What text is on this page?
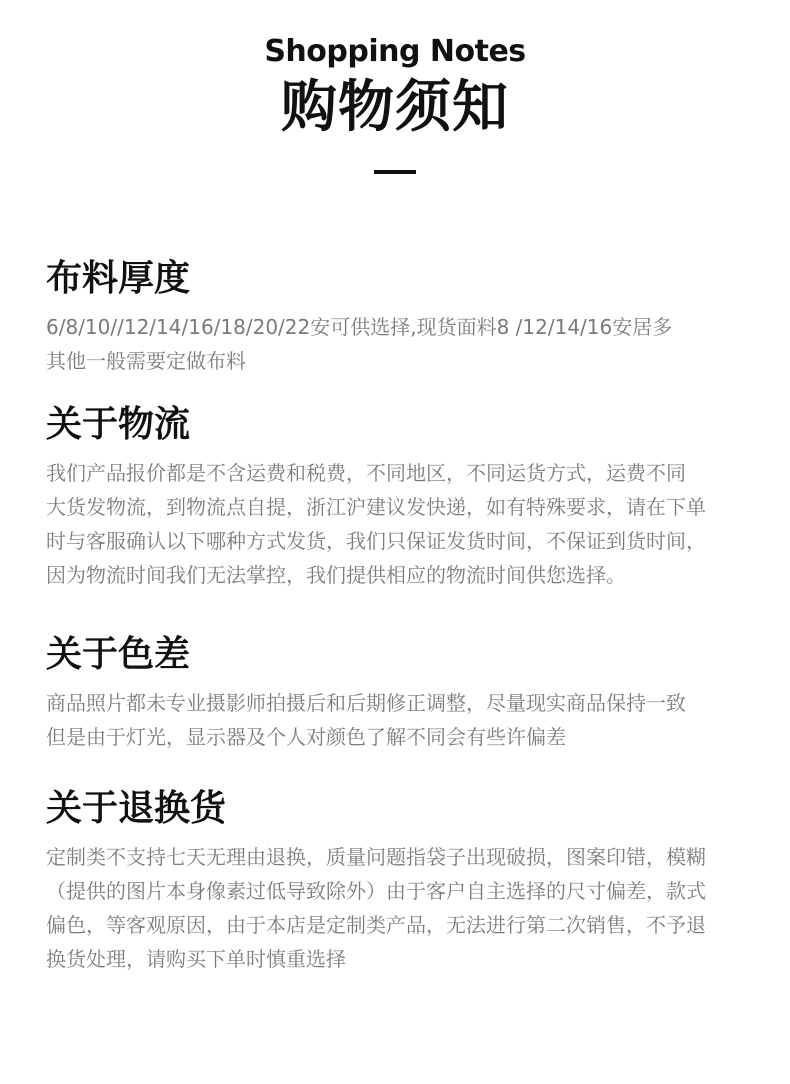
Shopping Notes
购物须知
布料厚度
6/8/10//12/14/16/18/20/22安可供选择,现货面料8 /12/14/16安居多
其他一般需要定做布料
关于物流
我们产品报价都是不含运费和税费，不同地区，不同运货方式，运费不同
大货发物流，到物流点自提，浙江沪建议发快递，如有特殊要求，请在下单
时与客服确认以下哪种方式发货，我们只保证发货时间，不保证到货时间，
因为物流时间我们无法掌控，我们提供相应的物流时间供您选择。
关于色差
商品照片都未专业摄影师拍摄后和后期修正调整，尽量现实商品保持一致
但是由于灯光，显示器及个人对颜色了解不同会有些许偏差
关于退换货
定制类不支持七天无理由退换，质量问题指袋子出现破损，图案印错，模糊
（提供的图片本身像素过低导致除外）由于客户自主选择的尺寸偏差，款式
偏色，等客观原因，由于本店是定制类产品，无法进行第二次销售，不予退
换货处理，请购买下单时慎重选择
